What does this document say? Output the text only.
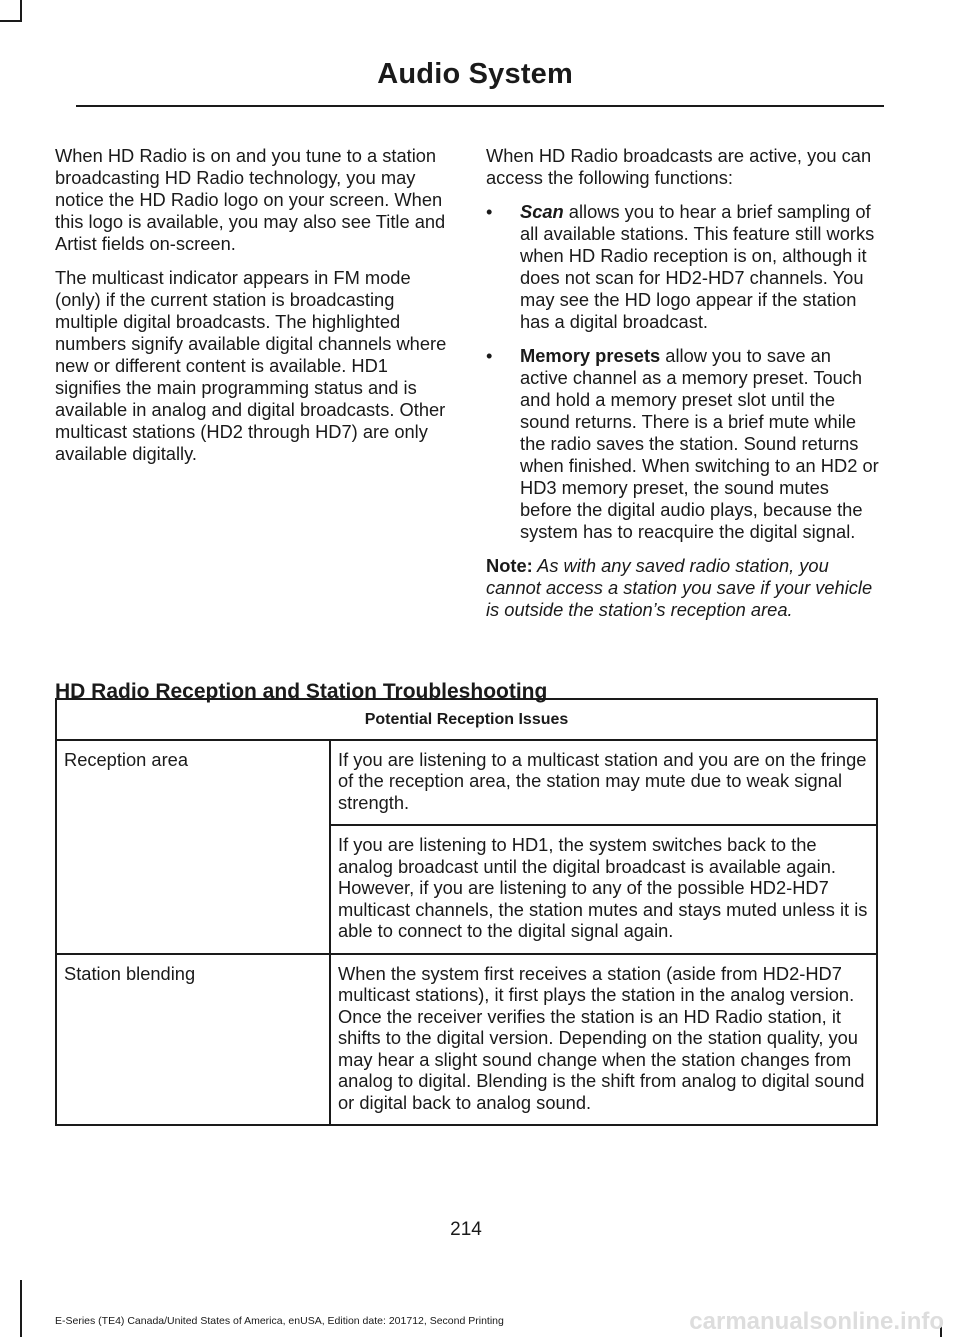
Audio System

When HD Radio is on and you tune to a station broadcasting HD Radio technology, you may notice the HD Radio logo on your screen. When this logo is available, you may also see Title and Artist fields on-screen.

The multicast indicator appears in FM mode (only) if the current station is broadcasting multiple digital broadcasts. The highlighted numbers signify available digital channels where new or different content is available. HD1 signifies the main programming status and is available in analog and digital broadcasts. Other multicast stations (HD2 through HD7) are only available digitally.

When HD Radio broadcasts are active, you can access the following functions:

• Scan allows you to hear a brief sampling of all available stations. This feature still works when HD Radio reception is on, although it does not scan for HD2-HD7 channels. You may see the HD logo appear if the station has a digital broadcast.
• Memory presets allow you to save an active channel as a memory preset. Touch and hold a memory preset slot until the sound returns. There is a brief mute while the radio saves the station. Sound returns when finished. When switching to an HD2 or HD3 memory preset, the sound mutes before the digital audio plays, because the system has to reacquire the digital signal.

Note: As with any saved radio station, you cannot access a station you save if your vehicle is outside the station’s reception area.

HD Radio Reception and Station Troubleshooting
Potential Reception Issues	
Reception area	If you are listening to a multicast station and you are on the fringe of the reception area, the station may mute due to weak signal strength.
	If you are listening to HD1, the system switches back to the analog broadcast until the digital broadcast is available again. However, if you are listening to any of the possible HD2-HD7 multicast channels, the station mutes and stays muted unless it is able to connect to the digital signal again.
Station blending	When the system first receives a station (aside from HD2-HD7 multicast stations), it first plays the station in the analog version. Once the receiver verifies the station is an HD Radio station, it shifts to the digital version. Depending on the station quality, you may hear a slight sound change when the station changes from analog to digital. Blending is the shift from analog to digital sound or digital back to analog sound.
214
E-Series (TE4) Canada/United States of America, enUSA, Edition date: 201712, Second Printing	carmanualsonline.info
